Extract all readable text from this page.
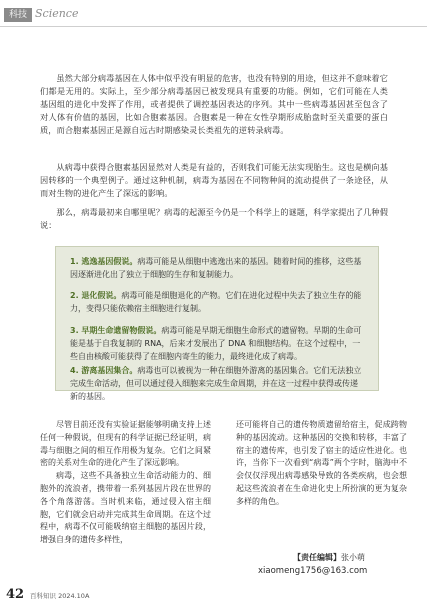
科技 Science

虽然大部分病毒基因在人体中似乎没有明显的危害，也没有特别的用途，但这并不意味着它们都是无用的。实际上，至少部分病毒基因已被发现具有重要的功能。例如，它们可能在人类基因组的进化中发挥了作用，或者提供了调控基因表达的序列。其中一些病毒基因甚至包含了对人体有价值的基因，比如合胞素基因。合胞素是一种在女性孕期形成胎盘时至关重要的蛋白质，而合胞素基因正是源自远古时期感染灵长类祖先的逆转录病毒。

从病毒中获得合胞素基因显然对人类是有益的，否则我们可能无法实现胎生。这也是横向基因转移的一个典型例子。通过这种机制，病毒为基因在不同物种间的流动提供了一条途径，从而对生物的进化产生了深远的影响。

那么，病毒最初来自哪里呢？病毒的起源至今仍是一个科学上的谜题，科学家提出了几种假说：

1. 逃逸基因假说。病毒可能是从细胞中逃逸出来的基因。随着时间的推移，这些基因逐渐进化出了独立于细胞的生存和复制能力。

2. 退化假说。病毒可能是细胞退化的产物。它们在进化过程中失去了独立生存的能力，变得只能依赖宿主细胞进行复制。

3. 早期生命遗留物假说。病毒可能是早期无细胞生命形式的遗留物。早期的生命可能是基于自我复制的 RNA，后来才发展出了 DNA 和细胞结构。在这个过程中，一些自由核酸可能获得了在细胞内寄生的能力，最终进化成了病毒。

4. 游离基因集合。病毒也可以被视为一种在细胞外游离的基因集合。它们无法独立完成生命活动，但可以通过侵入细胞来完成生命周期，并在这一过程中获得或传递新的基因。

尽管目前还没有实验证据能够明确支持上述任何一种假说，但现有的科学证据已经证明，病毒与细胞之间的相互作用极为复杂。它们之间紧密的关系对生命的进化产生了深远影响。

病毒，这些不具备独立生命活动能力的、细胞外的流浪者，携带着一系列基因片段在世界的各个角落游荡。当时机来临，通过侵入宿主细胞，它们就会启动并完成其生命周期。在这个过程中，病毒不仅可能吸纳宿主细胞的基因片段，增强自身的遗传多样性，

还可能将自己的遗传物质遗留给宿主，促成跨物种的基因流动。这种基因的交换和转移，丰富了宿主的遗传库，也引发了宿主的适应性进化。也许，当你下一次看到“病毒”两个字时，脑海中不会仅仅浮现出病毒感染导致的各类疾病，也会想起这些流浪者在生命进化史上所扮演的更为复杂多样的角色。

【责任编辑】张小萌
xiaomeng1756@163.com
42 百科知识 2024.10A
